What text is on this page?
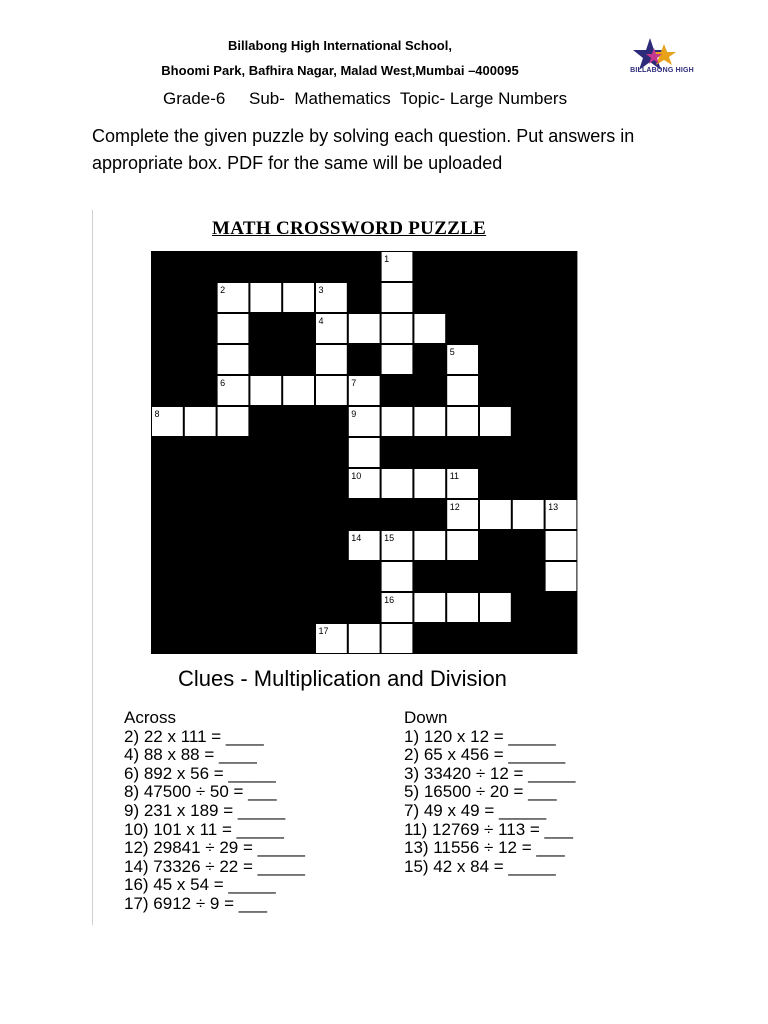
Billabong High International School,
Bhoomi Park, Bafhira Nagar, Malad West,Mumbai –400095
Grade-6     Sub-  Mathematics  Topic- Large Numbers
BILLABONG HIGH
Complete the given puzzle by solving each question. Put answers in appropriate box. PDF for the same will be uploaded
MATH CROSSWORD PUZZLE
1
2	3
4
5
6	7
8	9
10	11
12	13
14	15
16
17
Clues - Multiplication and Division
Across
2) 22 x 111 = ____
4) 88 x 88 = ____
6) 892 x 56 = _____
8) 47500 ÷ 50 = ___
9) 231 x 189 = _____
10) 101 x 11 = _____
12) 29841 ÷ 29 = _____
14) 73326 ÷ 22 = _____
16) 45 x 54 = _____
17) 6912 ÷ 9 = ___
Down
1) 120 x 12 = _____
2) 65 x 456 = ______
3) 33420 ÷ 12 = _____
5) 16500 ÷ 20 = ___
7) 49 x 49 = _____
11) 12769 ÷ 113 = ___
13) 11556 ÷ 12 = ___
15) 42 x 84 = _____
